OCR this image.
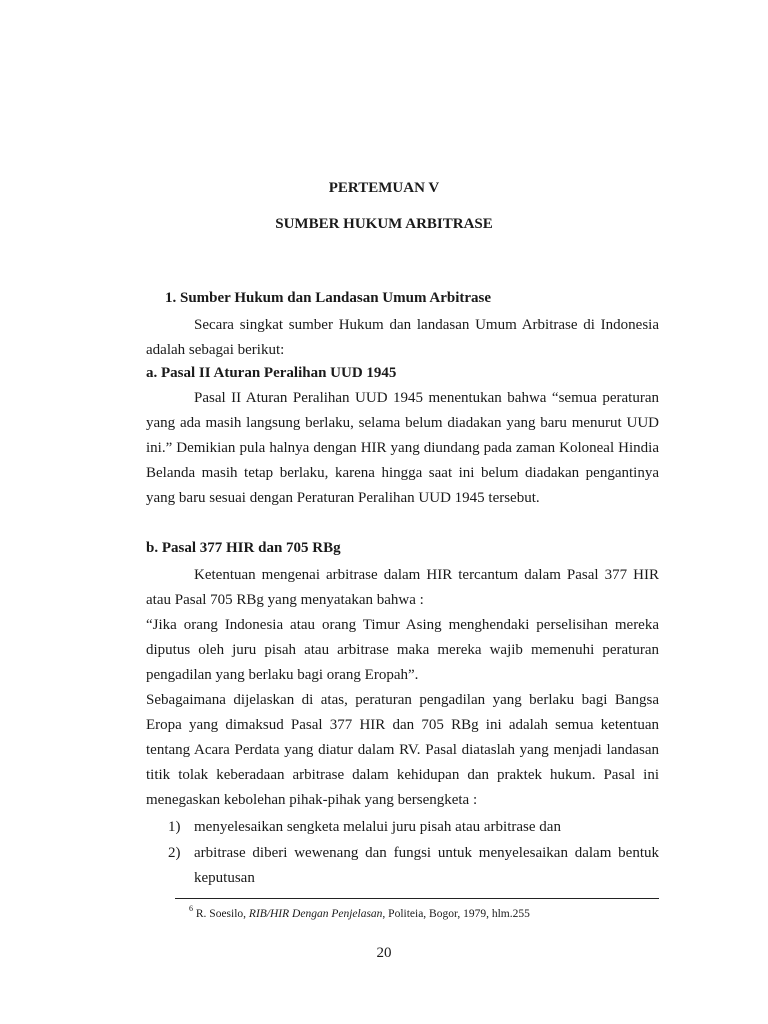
PERTEMUAN V
SUMBER HUKUM ARBITRASE
1. Sumber Hukum dan Landasan Umum Arbitrase

Secara singkat sumber Hukum dan landasan Umum Arbitrase di Indonesia adalah sebagai berikut:

a. Pasal II Aturan Peralihan UUD 1945

Pasal II Aturan Peralihan UUD 1945 menentukan bahwa “semua peraturan yang ada masih langsung berlaku, selama belum diadakan yang baru menurut UUD ini.” Demikian pula halnya dengan HIR yang diundang pada zaman Koloneal Hindia Belanda masih tetap berlaku, karena hingga saat ini belum diadakan pengantinya yang baru sesuai dengan Peraturan Peralihan UUD 1945 tersebut.

b. Pasal 377 HIR dan 705 RBg

Ketentuan mengenai arbitrase dalam HIR tercantum dalam Pasal 377 HIR atau Pasal 705 RBg yang menyatakan bahwa :

“Jika orang Indonesia atau orang Timur Asing menghendaki perselisihan mereka diputus oleh juru pisah atau arbitrase maka mereka wajib memenuhi peraturan pengadilan yang berlaku bagi orang Eropah”.

Sebagaimana dijelaskan di atas, peraturan pengadilan yang berlaku bagi Bangsa Eropa yang dimaksud Pasal 377 HIR dan 705 RBg ini adalah semua ketentuan tentang Acara Perdata yang diatur dalam RV. Pasal diataslah yang menjadi landasan titik tolak keberadaan arbitrase dalam kehidupan dan praktek hukum. Pasal ini menegaskan kebolehan pihak-pihak yang bersengketa :

1) menyelesaikan sengketa melalui juru pisah atau arbitrase dan

2) arbitrase diberi wewenang dan fungsi untuk menyelesaikan dalam bentuk keputusan

$^6$ R. Soesilo, RIB/HIR Dengan Penjelasan, Politeia, Bogor, 1979, hlm.255
20
